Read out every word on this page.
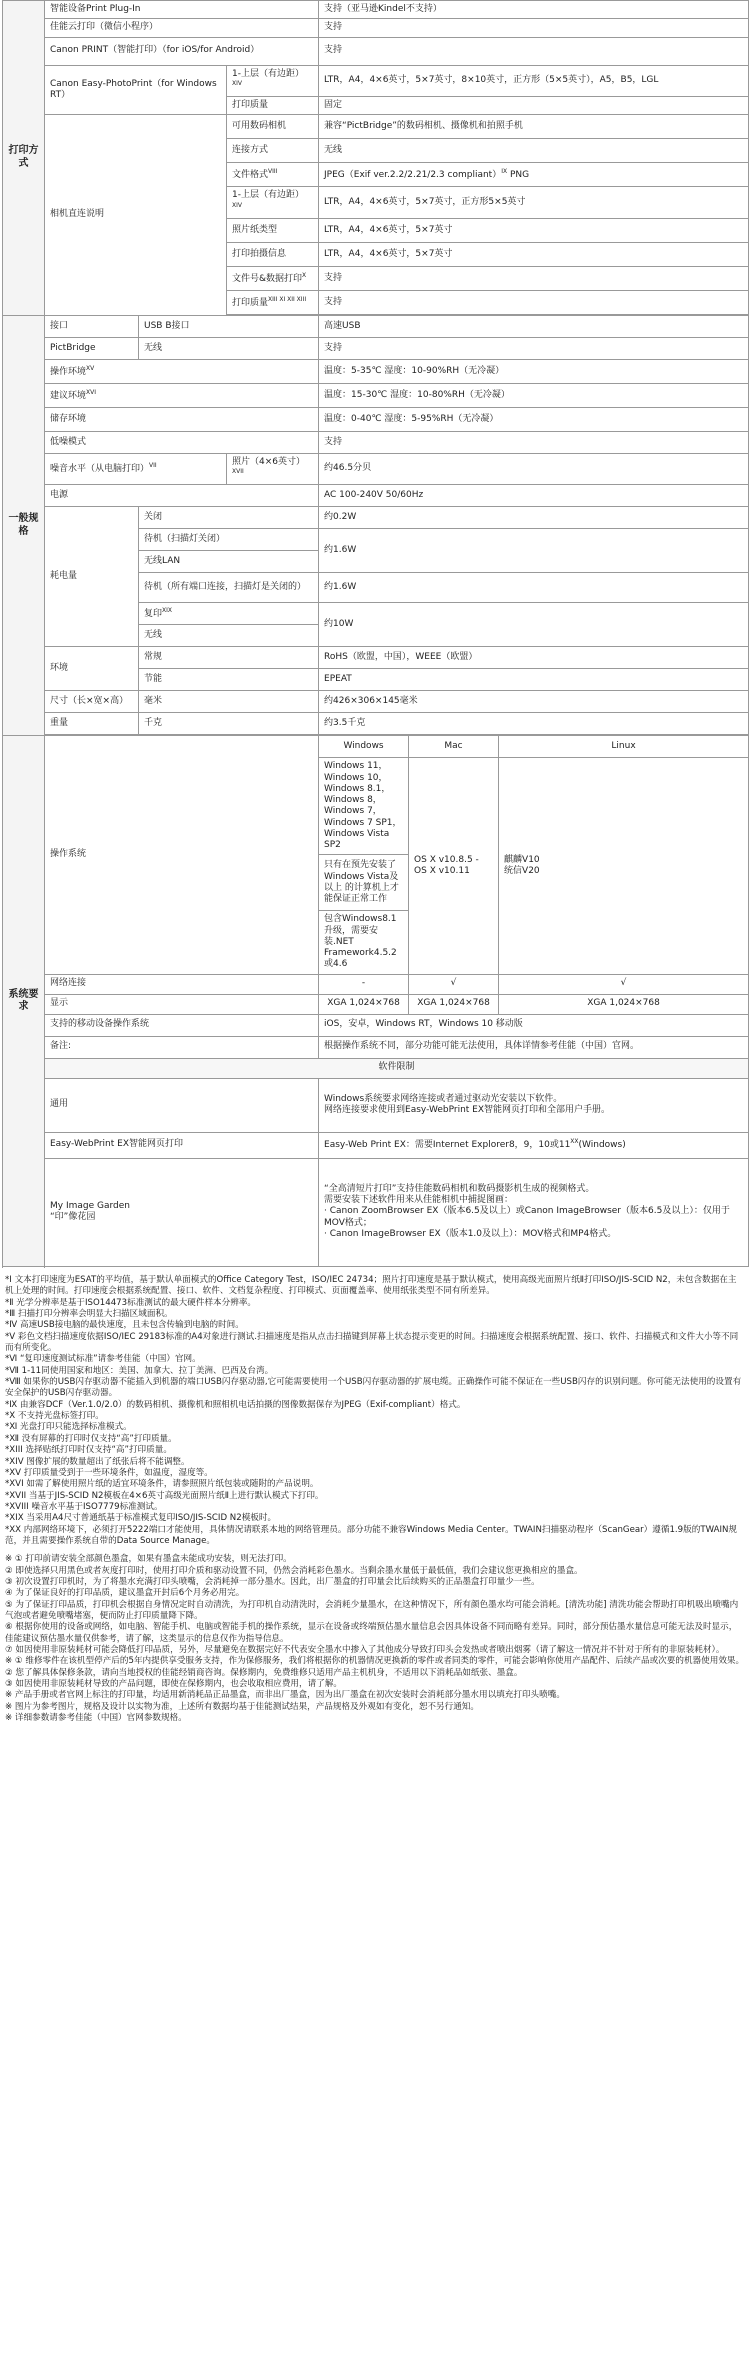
打印方式	智能设备Print Plug-In			支持（亚马逊Kindel不支持）		
	佳能云打印（微信小程序）			支持		
	Canon PRINT（智能打印）（for iOS/for Android）			支持		
	Canon Easy-PhotoPrint（for Windows RT）		1-上层（有边距）$^{XIV}$	LTR，A4，4×6英寸，5×7英寸，8×10英寸，正方形（5×5英寸），A5，B5，LGL		
			打印质量	固定		
	相机直连说明		可用数码相机	兼容“PictBridge”的数码相机、摄像机和拍照手机		
			连接方式	无线		
			文件格式$^{VIII}$	JPEG（Exif ver.2.2/2.21/2.3 compliant）$^{IX}$ PNG		
			1-上层（有边距）$^{XIV}$	LTR，A4，4×6英寸，5×7英寸，正方形5×5英寸		
			照片纸类型	LTR，A4，4×6英寸，5×7英寸		
			打印拍摄信息	LTR，A4，4×6英寸，5×7英寸		
			文件号&数据打印$^X$	支持		
			打印质量$^{XIII XI XII XIII}$	支持		

一般规格	接口	USB B接口		高速USB		
	PictBridge	无线		支持		
	操作环境$^{XV}$			温度：5-35℃ 湿度：10-90%RH（无冷凝）		
	建议环境$^{XVI}$			温度：15-30℃ 湿度：10-80%RH（无冷凝）		
	储存环境			温度：0-40℃ 湿度：5-95%RH（无冷凝）		
	低噪模式			支持		
	噪音水平（从电脑打印）$^{VII}$		照片（4×6英寸）$^{XVII}$	约46.5分贝		
	电源			AC 100-240V 50/60Hz		
	耗电量	关闭		约0.2W		
		待机（扫描灯关闭）		约1.6W		
		无线LAN				
		待机（所有端口连接，扫描灯是关闭的）		约1.6W		
		复印$^{XIX}$		约10W		
		无线				
	环境	常规		RoHS（欧盟，中国），WEEE（欧盟）		
		节能		EPEAT		
	尺寸（长×宽×高）	毫米		约426×306×145毫米		
	重量	千克		约3.5千克		

系统要求	操作系统			Windows	Mac	Linux
				Windows 11，Windows 10，Windows 8.1，Windows 8，Windows 7，Windows 7 SP1，Windows Vista SP2	OS X v10.8.5 - OS X v10.11	麒麟V10
统信V20
				只有在预先安装了Windows Vista及以上 的计算机上才能保证正常工作		
				包含Windows8.1升级，需要安装.NET Framework4.5.2或4.6		
	网络连接			-	√	√
	显示			XGA 1,024×768	XGA 1,024×768	XGA 1,024×768
	支持的移动设备操作系统			iOS，安卓，Windows RT，Windows 10 移动版		
	备注:			根据操作系统不同，部分功能可能无法使用，具体详情参考佳能（中国）官网。		
	软件限制					
	通用			Windows系统要求网络连接或者通过驱动光安装以下软件。
网络连接要求使用到Easy-WebPrint EX智能网页打印和全部用户手册。		
	Easy-WebPrint EX智能网页打印			Easy-Web Print EX：需要Internet Explorer8，9，10或$11^{XX}(Windows)$		
	My Image Garden
“印”像花园			“全高清短片打印”支持佳能数码相机和数码摄影机生成的视频格式。
需要安装下述软件用来从佳能相机中捕捉图画：
· Canon ZoomBrowser EX（版本6.5及以上）或Canon ImageBrowser（版本6.5及以上）：仅用于MOV格式；
· Canon ImageBrowser EX（版本1.0及以上）：MOV格式和MP4格式。		

*Ⅰ 文本打印速度为ESAT的平均值，基于默认单面模式的Office Category Test，ISO/IEC 24734；照片打印速度是基于默认模式，使用高级光面照片纸Ⅱ打印ISO/JIS-SCID N2，未包含数据在主机上处理的时间。打印速度会根据系统配置、接口、软件、文档复杂程度、打印模式、页面覆盖率、使用纸张类型不同有所差异。

*Ⅱ 光学分辨率是基于ISO14473标准测试的最大硬件样本分辨率。

*Ⅲ 扫描打印分辨率会明显大扫描区域面积。

*Ⅳ 高速USB接电脑的最快速度，且未包含传输到电脑的时间。

*Ⅴ 彩色文档扫描速度依据ISO/IEC 29183标准的A4对象进行测试.扫描速度是指从点击扫描键到屏幕上状态提示变更的时间。扫描速度会根据系统配置、接口、软件、扫描模式和文件大小等不同而有所变化。

*Ⅵ “复印速度测试标准”请参考佳能（中国）官网。

*Ⅶ 1-11同使用国家和地区：美国、加拿大、拉丁美洲、巴西及台湾。

*Ⅷ 如果你的USB闪存驱动器不能插入到机器的端口USB闪存驱动器,它可能需要使用一个USB闪存驱动器的扩展电缆。正确操作可能不保证在一些USB闪存的识别问题。你可能无法使用的设置有安全保护的USB闪存驱动器。

*Ⅸ 由兼容DCF（Ver.1.0/2.0）的数码相机、摄像机和照相机电话拍摄的图像数据保存为JPEG（Exif-compliant）格式。

*Ⅹ 不支持光盘标签打印。

*Ⅺ 光盘打印只能选择标准模式。

*Ⅻ 没有屏幕的打印时仅支持“高”打印质量。

*XIII 选择贴纸打印时仅支持“高”打印质量。

*XIV 图像扩展的数量超出了纸张后将不能调整。

*XV 打印质量受到于一些环境条件，如温度，湿度等。

*XVI 如需了解使用照片纸的适宜环境条件，请参照照片纸包装或随附的产品说明。

*XVII 当基于JIS-SCID N2模板在4×6英寸高级光面照片纸Ⅱ上进行默认模式下打印。

*XVIII 噪音水平基于ISO7779标准测试。

*XIX 当采用A4尺寸普通纸基于标准模式复印ISO/JIS-SCID N2模板时。

*XX 内部网络环境下，必须打开5222端口才能使用，具体情况请联系本地的网络管理员。部分功能不兼容Windows Media Center。TWAIN扫描驱动程序（ScanGear）遵循1.9版的TWAIN规范，并且需要操作系统自带的Data Source Manage。

※ ① 打印前请安装全部颜色墨盒，如果有墨盒未能成功安装，则无法打印。

② 即使选择只用黑色或者灰度打印时，使用打印介质和驱动设置不同，仍然会消耗彩色墨水。当剩余墨水量低于最低值，我们会建议您更换相应的墨盒。

③ 初次设置打印机时，为了将墨水充满打印头喷嘴，会消耗掉一部分墨水。因此，出厂墨盒的打印量会比后续购买的正品墨盒打印量少一些。

④ 为了保证良好的打印品质，建议墨盒开封后6个月务必用完。

⑤ 为了保证打印品质，打印机会根据自身情况定时自动清洗，为打印机自动清洗时，会消耗少量墨水，在这种情况下，所有颜色墨水均可能会消耗。[清洗功能] 清洗功能会帮助打印机吸出喷嘴内气泡或者避免喷嘴堵塞，便而防止打印质量降下降。

⑥ 根据你使用的设备或网络，如电脑、智能手机、电脑或智能手机的操作系统，显示在设备或终端预估墨水量信息会因具体设备不同而略有差异。同时，部分预估墨水量信息可能无法及时显示，佳能建议预估墨水量仅供参考，请了解，这类显示的信息仅作为指导信息。

⑦ 如因使用非原装耗材可能会降低打印品质，另外，尽量避免在数据完好不代表安全墨水中掺入了其他成分导致打印头会发热或者喷出烟雾（请了解这一情况并不针对于所有的非原装耗材）。

※ ① 维修零件在该机型停产后的5年内提供享受服务支持，作为保修服务，我们将根据你的机器情况更换新的零件或者同类的零件，可能会影响你使用产品配件、后续产品或次要的机器使用效果。

② 您了解具体保修条款，请向当地授权的佳能经销商咨询。保修期内，免费维修只适用产品主机机身，不适用以下消耗品如纸张、墨盒。

③ 如因使用非原装耗材导致的产品问题，即使在保修期内，也会收取相应费用，请了解。

※ 产品手册或者官网上标注的打印量，均适用新消耗品正品墨盒，而非出厂墨盒，因为出厂墨盒在初次安装时会消耗部分墨水用以填充打印头喷嘴。

※ 图片为参考图片，规格及设计以实物为准，上述所有数据均基于佳能测试结果，产品规格及外观如有变化，恕不另行通知。

※ 详细参数请参考佳能（中国）官网参数规格。
